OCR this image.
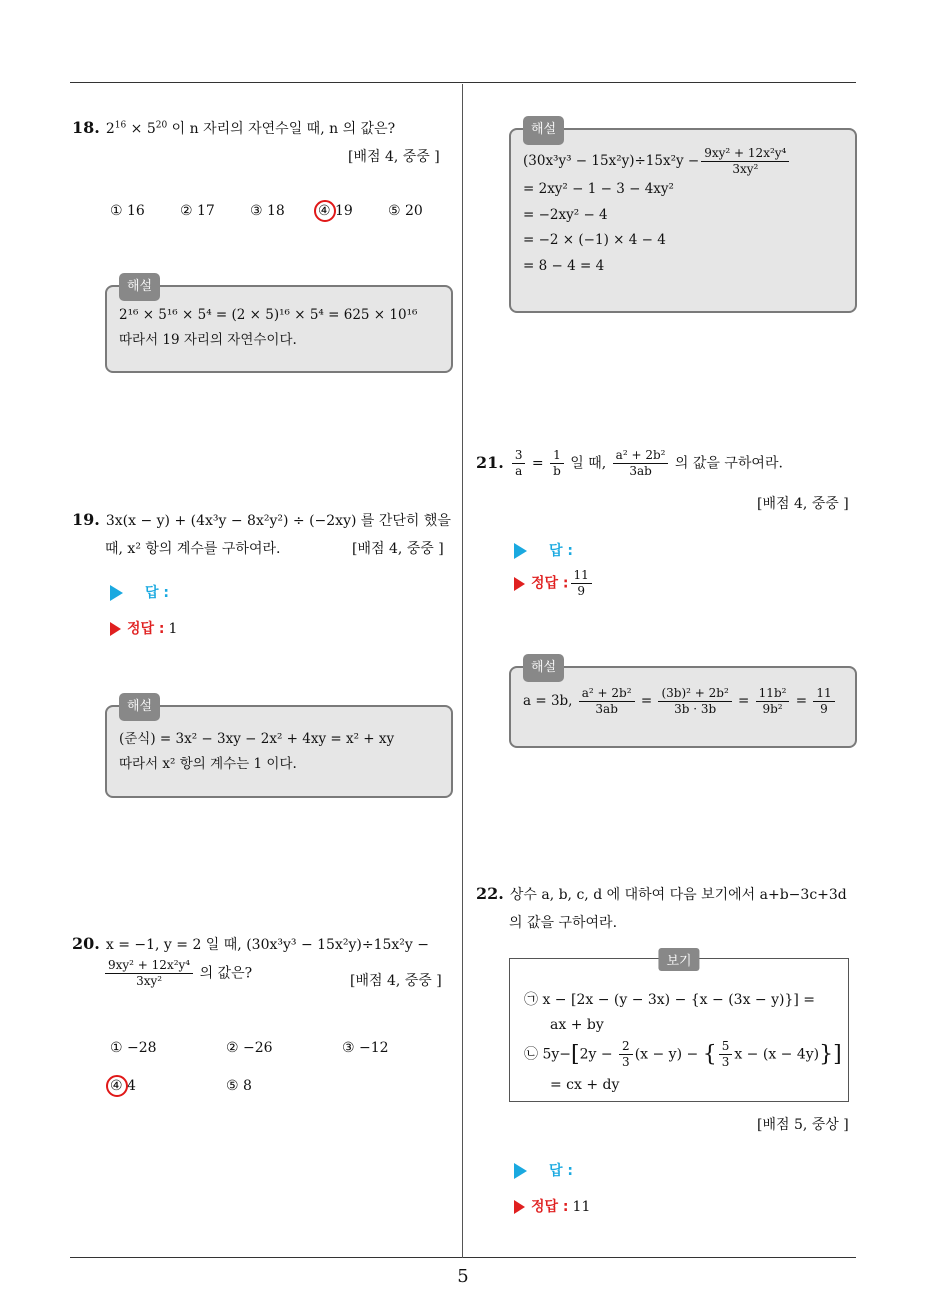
18. $2^{16} \times 5^{20}$ 이 n 자리의 자연수일 때, n 의 값은?
[배점 4, 중중 ]
① 16	② 17	③ 18 ④ 19	⑤ 20
해설
2¹⁶ × 5¹⁶ × 5⁴ = (2 × 5)¹⁶ × 5⁴ = 625 × 10¹⁶
따라서 19 자리의 자연수이다.
19. 3x(x − y) + (4x³y − 8x²y²) ÷ (−2xy) 를 간단히 했을
때, x² 항의 계수를 구하여라.	[배점 4, 중중 ]
답 :
정답 : 1
해설
(준식) = 3x² − 3xy − 2x² + 4xy = x² + xy
따라서 x² 항의 계수는 1 이다.
20. x = −1, y = 2 일 때, (30x³y³ − 15x²y)÷15x²y −
$\frac{\text{9xy² + 12x²y⁴}}{\text{3xy²}}$ 의 값은?	[배점 4, 중중 ]
① −28	② −26	③ −12
④ 4	⑤ 8
해설
$(30x^3y^3 - 15x^2y)\div 15x^2y - \frac{\text{9xy² + 12x²y⁴}}{\text{3xy²}}$
= 2xy² − 1 − 3 − 4xy²
= −2xy² − 4
= −2 × (−1) × 4 − 4
= 8 − 4 = 4
21. $\frac{3}{a} = \frac{1}{b}$ 일 때, $\frac{\text{a² + 2b²}}{3ab}$ 의 값을 구하여라.
[배점 4, 중중 ]
답 :
정답 : $\frac{11}{9}$
해설
a = 3b, $\frac{\text{a² + 2b²}}{3ab} = \frac{\text{(3b)² + 2b²}}{3b \cdot 3b} = \frac{\text{11b²}}{\text{9b²}} = \frac{11}{9}$
22. 상수 a, b, c, d 에 대하여 다음 보기에서 a+b−3c+3d
의 값을 구하여라.
보기
㉠ x − [2x − (y − 3x) − {x − (3x − y)}] =
ax + by
㉡ $5y-[2y - \frac{2}{3} (x - y)$ − { $\frac{5}{3}$ x − (x − 4y)}]
= cx + dy
[배점 5, 중상 ]
답 :
정답 : 11
5
